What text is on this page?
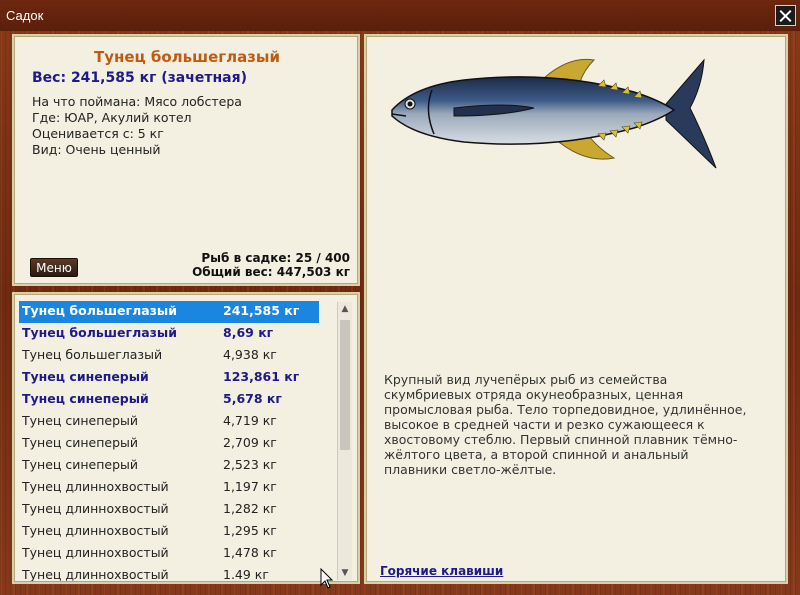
Садок
Тунец большеглазый
Вес: 241,585 кг (зачетная)
На что поймана: Мясо лобстера
Где: ЮАР, Акулий котел
Оценивается с: 5 кг
Вид: Очень ценный
Меню
Рыб в садке: 25 / 400
Общий вес: 447,503 кг
Тунец большеглазый	241,585 кг
Тунец большеглазый	8,69 кг
Тунец большеглазый	4,938 кг
Тунец синеперый	123,861 кг
Тунец синеперый	5,678 кг
Тунец синеперый	4,719 кг
Тунец синеперый	2,709 кг
Тунец синеперый	2,523 кг
Тунец длиннохвостый	1,197 кг
Тунец длиннохвостый	1,282 кг
Тунец длиннохвостый	1,295 кг
Тунец длиннохвостый	1,478 кг
Тунец длиннохвостый	1.49 кг
▲
▼
Крупный вид лучепёрых рыб из семейства скумбриевых отряда окунеобразных, ценная промысловая рыба. Тело торпедовидное, удлинённое, высокое в средней части и резко сужающееся к хвостовому стеблю. Первый спинной плавник тёмно-жёлтого цвета, а второй спинной и анальный плавники светло-жёлтые.
Горячие клавиши
